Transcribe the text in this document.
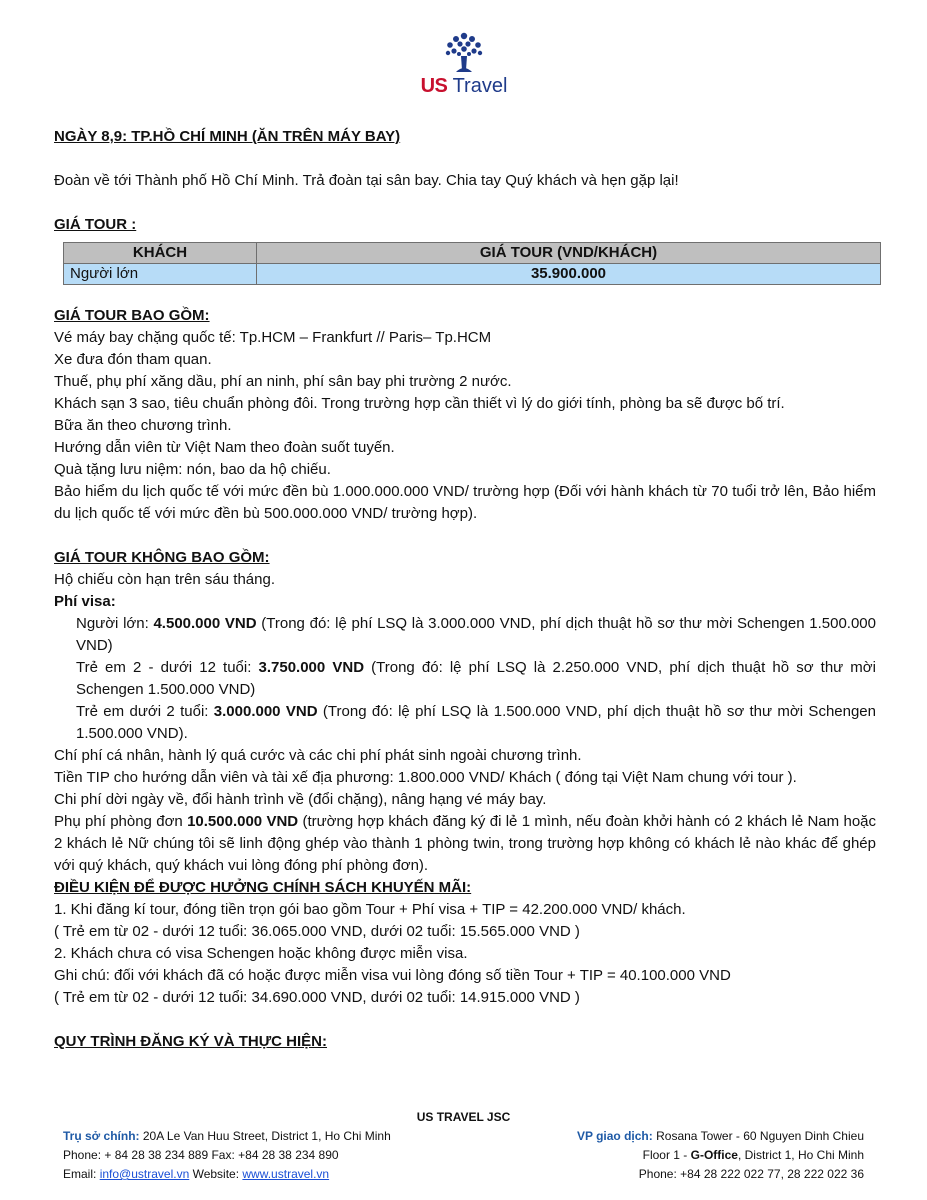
US Travel

NGÀY 8,9: TP.HỒ CHÍ MINH (ĂN TRÊN MÁY BAY)

Đoàn về tới Thành phố Hồ Chí Minh. Trả đoàn tại sân bay. Chia tay Quý khách và hẹn gặp lại!

GIÁ TOUR :

KHÁCH	GIÁ TOUR (VND/KHÁCH)
Người lớn	35.900.000

GIÁ TOUR BAO GỒM:

Vé máy bay chặng quốc tế: Tp.HCM – Frankfurt // Paris– Tp.HCM

Xe đưa đón tham quan.

Thuế, phụ phí xăng dầu, phí an ninh, phí sân bay phi trường 2 nước.

Khách sạn 3 sao, tiêu chuẩn phòng đôi. Trong trường hợp cần thiết vì lý do giới tính, phòng ba sẽ được bố trí.

Bữa ăn theo chương trình.

Hướng dẫn viên từ Việt Nam theo đoàn suốt tuyến.

Quà tặng lưu niệm: nón, bao da hộ chiếu.

Bảo hiểm du lịch quốc tế với mức đền bù 1.000.000.000 VND/ trường hợp (Đối với hành khách từ 70 tuổi trở lên, Bảo hiểm du lịch quốc tế với mức đền bù 500.000.000 VND/ trường hợp).

GIÁ TOUR KHÔNG BAO GỒM:

Hộ chiếu còn hạn trên sáu tháng.

Phí visa:

Người lớn: 4.500.000 VND (Trong đó: lệ phí LSQ là 3.000.000 VND, phí dịch thuật hồ sơ thư mời Schengen 1.500.000 VND)

Trẻ em 2 - dưới 12 tuổi: 3.750.000 VND (Trong đó: lệ phí LSQ là 2.250.000 VND, phí dịch thuật hồ sơ thư mời Schengen 1.500.000 VND)

Trẻ em dưới 2 tuổi: 3.000.000 VND (Trong đó: lệ phí LSQ là 1.500.000 VND, phí dịch thuật hồ sơ thư mời Schengen 1.500.000 VND).

Chí phí cá nhân, hành lý quá cước và các chi phí phát sinh ngoài chương trình.

Tiền TIP cho hướng dẫn viên và tài xế địa phương: 1.800.000 VND/ Khách ( đóng tại Việt Nam chung với tour ).

Chi phí dời ngày về, đổi hành trình về (đổi chặng), nâng hạng vé máy bay.

Phụ phí phòng đơn 10.500.000 VND (trường hợp khách đăng ký đi lẻ 1 mình, nếu đoàn khởi hành có 2 khách lẻ Nam hoặc 2 khách lẻ Nữ chúng tôi sẽ linh động ghép vào thành 1 phòng twin, trong trường hợp không có khách lẻ nào khác để ghép với quý khách, quý khách vui lòng đóng phí phòng đơn).

ĐIỀU KIỆN ĐỂ ĐƯỢC HƯỞNG CHÍNH SÁCH KHUYẾN MÃI:

1. Khi đăng kí tour, đóng tiền trọn gói bao gồm Tour + Phí visa + TIP = 42.200.000 VND/ khách.

( Trẻ em từ 02 - dưới 12 tuổi: 36.065.000 VND, dưới 02 tuổi: 15.565.000 VND )

2. Khách chưa có visa Schengen hoặc không được miễn visa.

Ghi chú: đối với khách đã có hoặc được miễn visa vui lòng đóng số tiền Tour + TIP = 40.100.000 VND

( Trẻ em từ 02 - dưới 12 tuổi: 34.690.000 VND, dưới 02 tuổi: 14.915.000 VND )

QUY TRÌNH ĐĂNG KÝ VÀ THỰC HIỆN:

US TRAVEL JSC
Trụ sở chính: 20A Le Van Huu Street, District 1, Ho Chi Minh
Phone: + 84 28 38 234 889 Fax: +84 28 38 234 890
Email: info@ustravel.vn Website: www.ustravel.vn
VP giao dịch: Rosana Tower - 60 Nguyen Dinh Chieu
Floor 1 - G-Office, District 1, Ho Chi Minh
Phone: +84 28 222 022 77, 28 222 022 36
